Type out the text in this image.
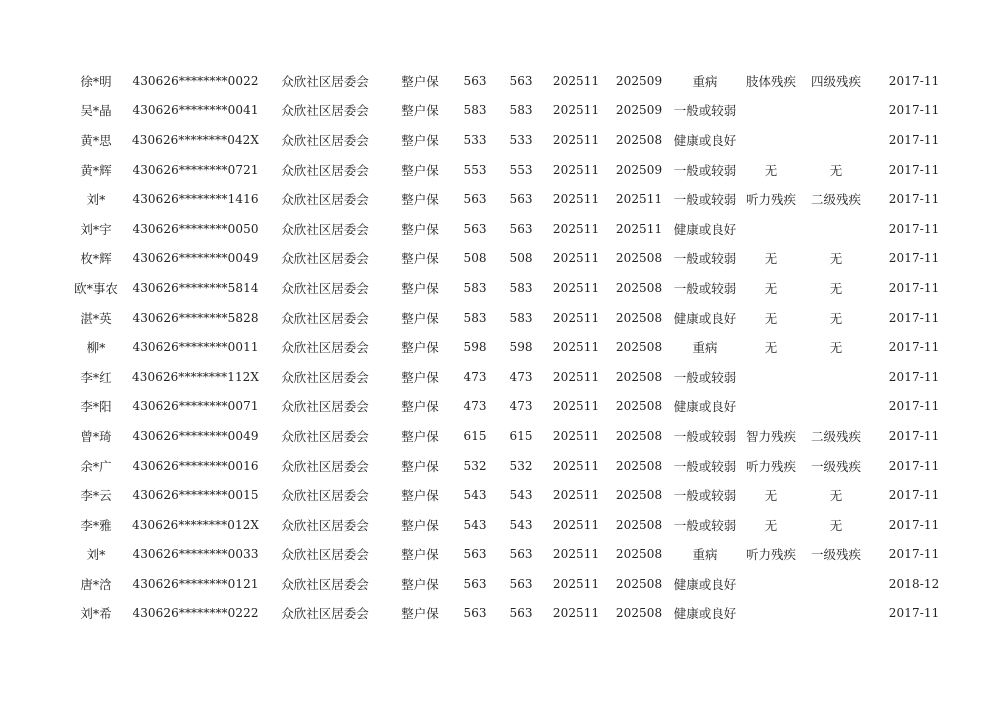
徐*明	430626********0022	众欣社区居委会	整户保	563	563	202511	202509	重病	肢体残疾	四级残疾	2017-11
吴*晶	430626********0041	众欣社区居委会	整户保	583	583	202511	202509	一般或较弱			2017-11
黄*思	430626********042X	众欣社区居委会	整户保	533	533	202511	202508	健康或良好			2017-11
黄*辉	430626********0721	众欣社区居委会	整户保	553	553	202511	202509	一般或较弱	无	无	2017-11
刘*	430626********1416	众欣社区居委会	整户保	563	563	202511	202511	一般或较弱	听力残疾	二级残疾	2017-11
刘*宇	430626********0050	众欣社区居委会	整户保	563	563	202511	202511	健康或良好			2017-11
枚*辉	430626********0049	众欣社区居委会	整户保	508	508	202511	202508	一般或较弱	无	无	2017-11
欧*事农	430626********5814	众欣社区居委会	整户保	583	583	202511	202508	一般或较弱	无	无	2017-11
湛*英	430626********5828	众欣社区居委会	整户保	583	583	202511	202508	健康或良好	无	无	2017-11
柳*	430626********0011	众欣社区居委会	整户保	598	598	202511	202508	重病	无	无	2017-11
李*红	430626********112X	众欣社区居委会	整户保	473	473	202511	202508	一般或较弱			2017-11
李*阳	430626********0071	众欣社区居委会	整户保	473	473	202511	202508	健康或良好			2017-11
曾*琦	430626********0049	众欣社区居委会	整户保	615	615	202511	202508	一般或较弱	智力残疾	二级残疾	2017-11
余*广	430626********0016	众欣社区居委会	整户保	532	532	202511	202508	一般或较弱	听力残疾	一级残疾	2017-11
李*云	430626********0015	众欣社区居委会	整户保	543	543	202511	202508	一般或较弱	无	无	2017-11
李*雅	430626********012X	众欣社区居委会	整户保	543	543	202511	202508	一般或较弱	无	无	2017-11
刘*	430626********0033	众欣社区居委会	整户保	563	563	202511	202508	重病	听力残疾	一级残疾	2017-11
唐*浛	430626********0121	众欣社区居委会	整户保	563	563	202511	202508	健康或良好			2018-12
刘*希	430626********0222	众欣社区居委会	整户保	563	563	202511	202508	健康或良好			2017-11
